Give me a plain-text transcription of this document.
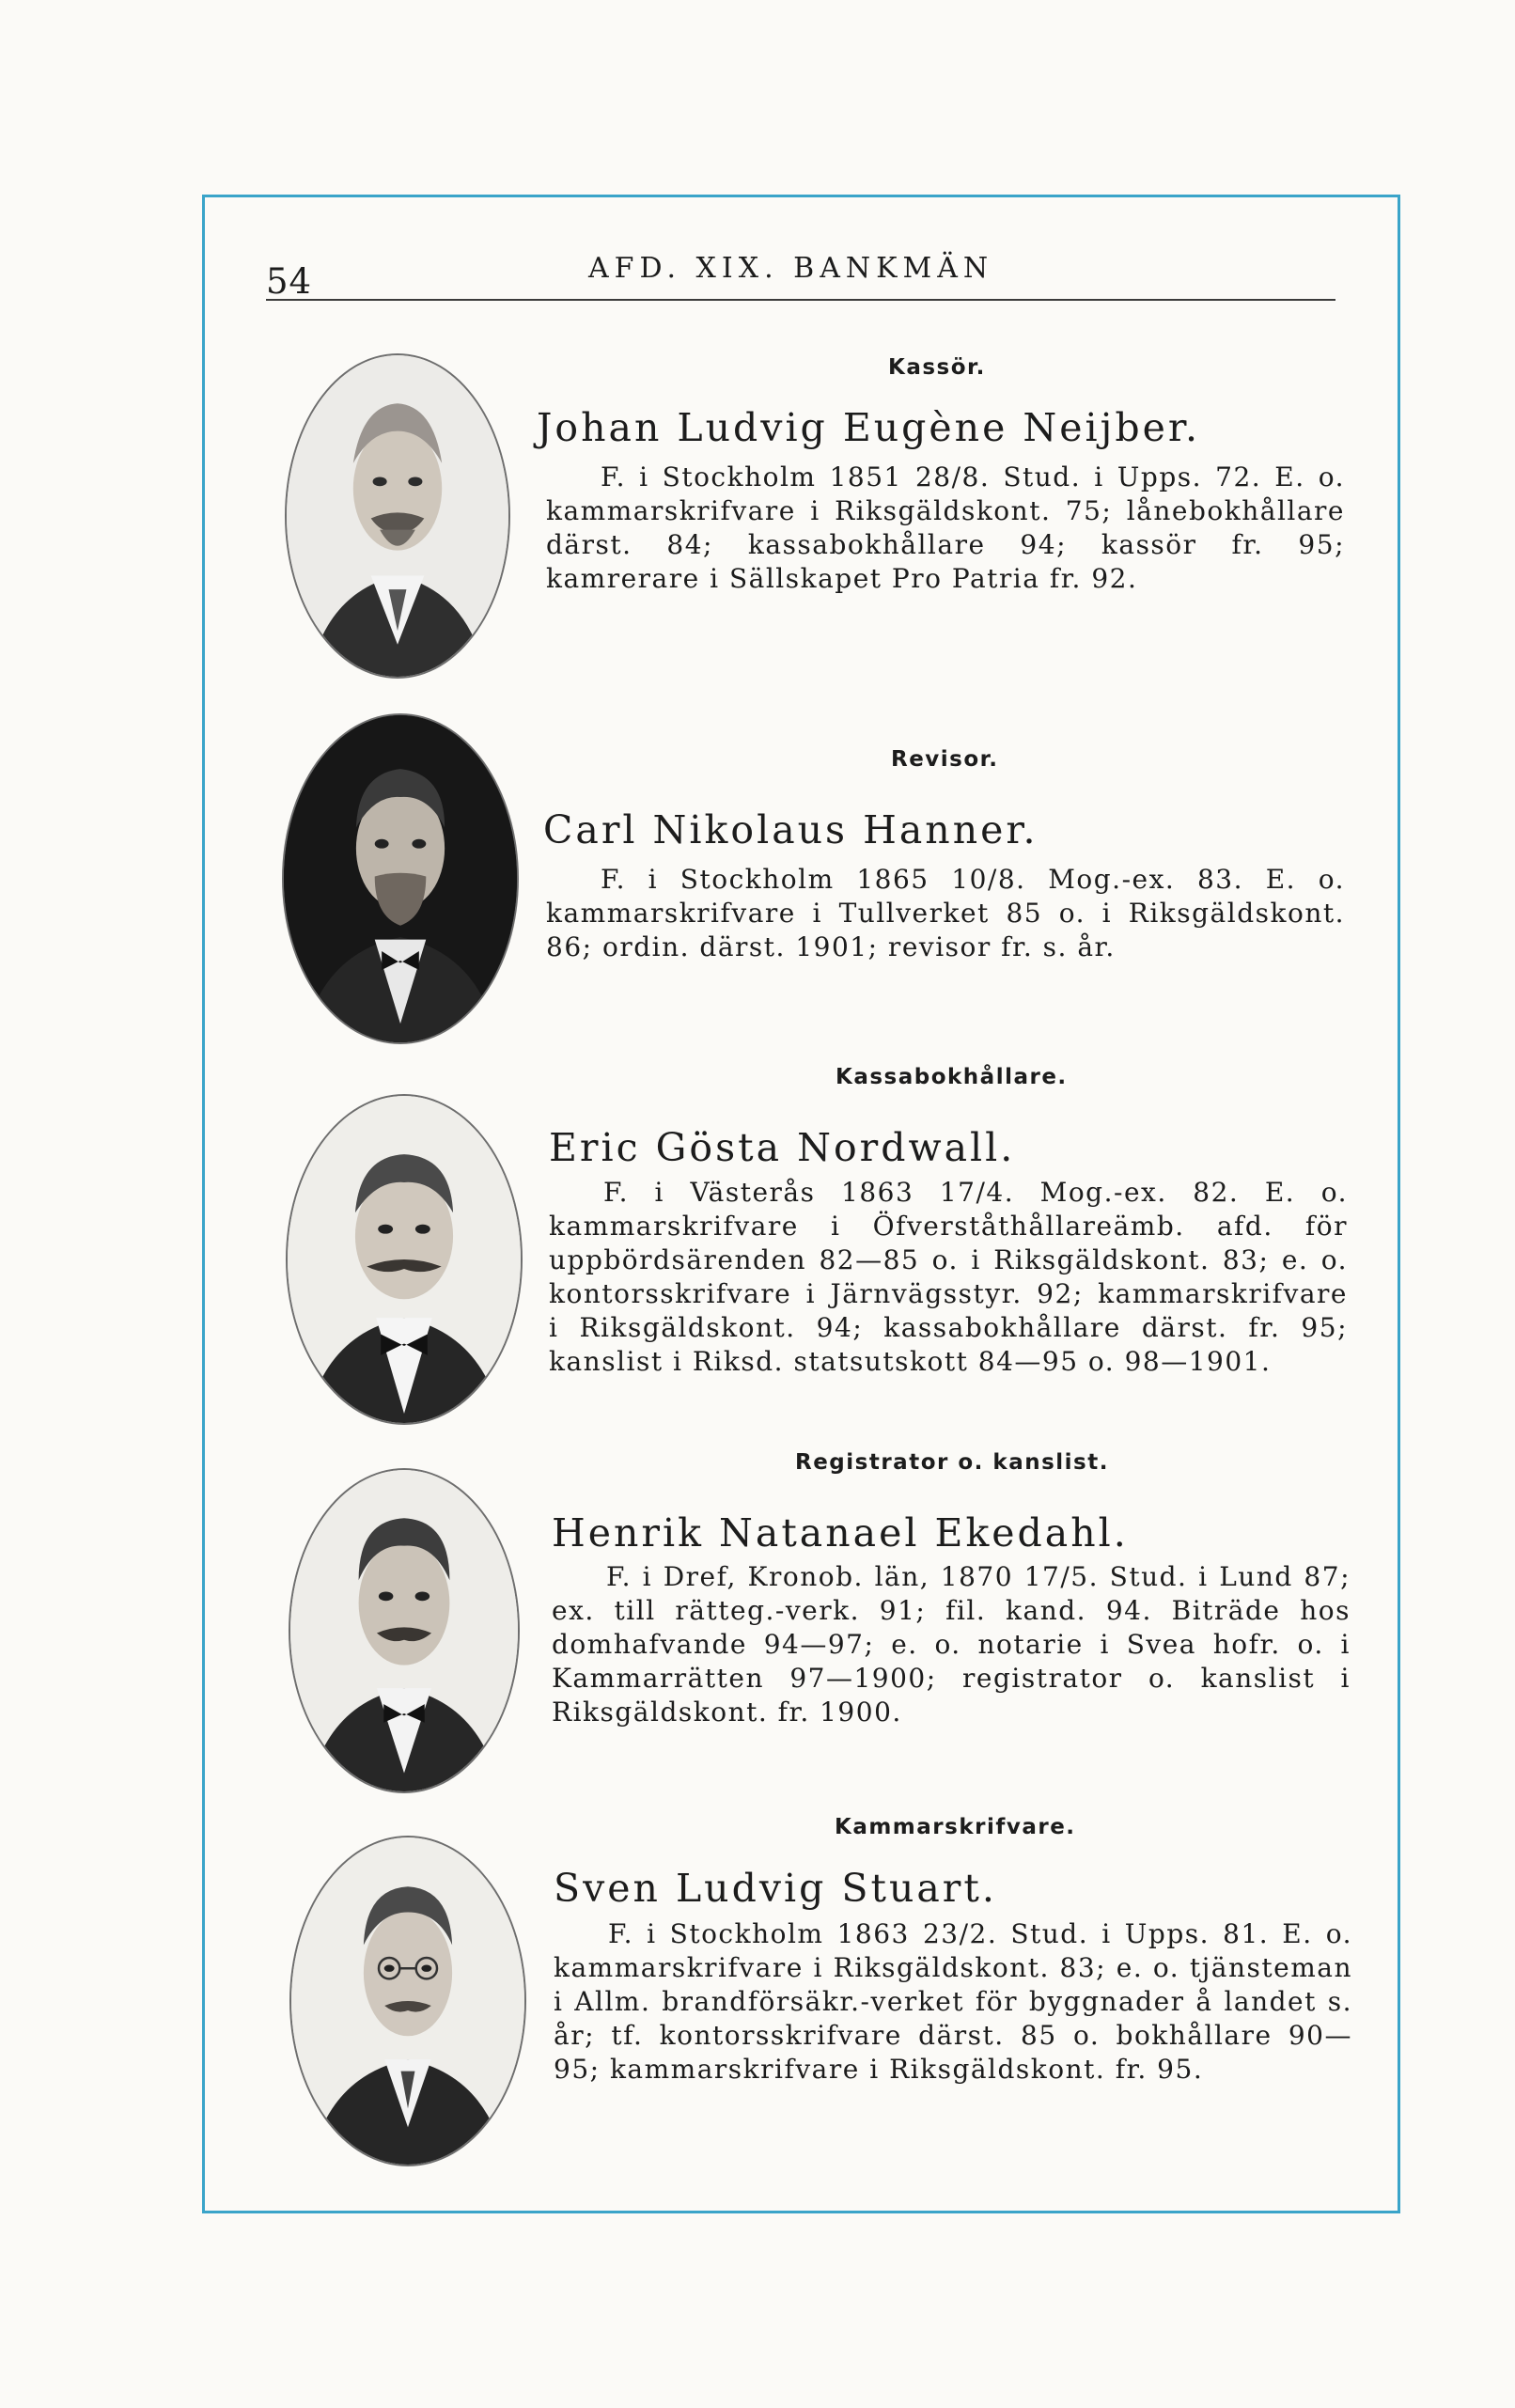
54	AFD. XIX. BANKMÄN
Kassör.
Johan Ludvig Eugène Neijber.
F. i Stockholm 1851 28/8. Stud. i Upps. 72. E. o. kammarskrifvare i Riksgäldskont. 75; lånebokhållare därst. 84; kassabokhållare 94; kassör fr. 95; kamrerare i Sällskapet Pro Patria fr. 92.
Revisor.
Carl Nikolaus Hanner.
F. i Stockholm 1865 10/8. Mog.-ex. 83. E. o. kammarskrifvare i Tullverket 85 o. i Riksgäldskont. 86; ordin. därst. 1901; revisor fr. s. år.
Kassabokhållare.
Eric Gösta Nordwall.
F. i Västerås 1863 17/4. Mog.-ex. 82. E. o. kammarskrifvare i Öfverståthållareämb. afd. för uppbördsärenden 82—85 o. i Riksgäldskont. 83; e. o. kontorsskrifvare i Järnvägsstyr. 92; kammarskrifvare i Riksgäldskont. 94; kassabokhållare därst. fr. 95; kanslist i Riksd. statsutskott 84—95 o. 98—1901.
Registrator o. kanslist.
Henrik Natanael Ekedahl.
F. i Dref, Kronob. län, 1870 17/5. Stud. i Lund 87; ex. till rätteg.-verk. 91; fil. kand. 94. Biträde hos domhafvande 94—97; e. o. notarie i Svea hofr. o. i Kammarrätten 97—1900; registrator o. kanslist i Riksgäldskont. fr. 1900.
Kammarskrifvare.
Sven Ludvig Stuart.
F. i Stockholm 1863 23/2. Stud. i Upps. 81. E. o. kammarskrifvare i Riksgäldskont. 83; e. o. tjänsteman i Allm. brandförsäkr.-verket för byggnader å landet s. år; tf. kontorsskrifvare därst. 85 o. bokhållare 90—95; kammarskrifvare i Riksgäldskont. fr. 95.
